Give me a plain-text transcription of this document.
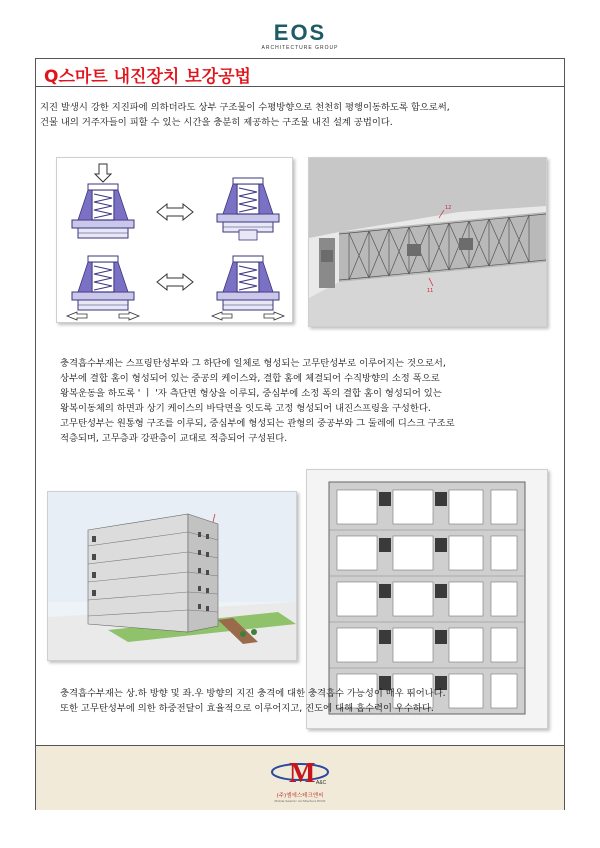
EOS
ARCHITECTURE GROUP
Q스마트 내진장치 보강공법
지진 발생시 강한 지진파에 의하더라도 상부 구조물이 수평방향으로 천천히 평행이동하도록 함으로써,
건물 내의 거주자들이 피할 수 있는 시간을 충분히 제공하는 구조물 내진 설계 공법이다.
12
11
충격흡수부재는 스프링탄성부와 그 하단에 일체로 형성되는 고무탄성부로 이루어지는 것으로서,
상부에 결합 홈이 형성되어 있는 중공의 케이스와, 결합 홈에 체결되어 수직방향의 소정 폭으로
왕복운동을 하도록 ' ㅣ '자 측단면 형상을 이루되, 중심부에 소정 폭의 결합 홈이 형성되어 있는
왕복이동체의 하면과 상기 케이스의 바닥면을 잇도록 고정 형성되어 내진스프링을 구성한다.
고무탄성부는 원통형 구조를 이루되, 중심부에 형성되는 관형의 중공부와 그 둘레에 디스크 구조로
적층되며, 고무층과 강판층이 교대로 적층되어 구성된다.
충격흡수부재는 상.하 방향 및 좌.우 방향의 지진 충격에 대한 충격흡수 가능성이 매우 뛰어나다.
또한 고무탄성부에 의한 하중전달이 효율적으로 이루어지고, 진도에 대해 흡수력이 우수하다.
M A&C
(주)엠에스테크엔씨
Mobile Seismic Architecture ECOS
